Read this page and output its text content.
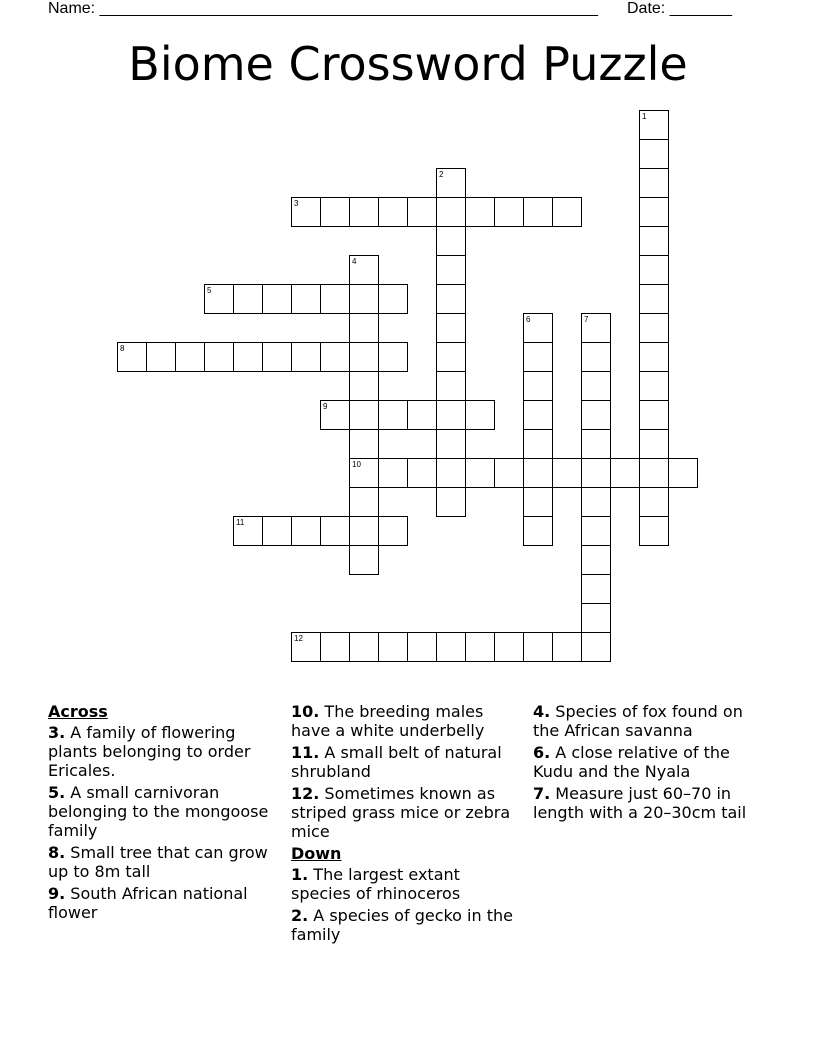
Name: ________________________________________________________ Date: _______
Biome Crossword Puzzle
1
2
3
4
10
5
6	7
8
9
11
12
Across
3. A family of flowering plants belonging to order Ericales.
5. A small carnivoran belonging to the mongoose family
8. Small tree that can grow up to 8m tall
9. South African national flower
10. The breeding males have a white underbelly
11. A small belt of natural shrubland
12. Sometimes known as striped grass mice or zebra mice
Down
1. The largest extant species of rhinoceros
2. A species of gecko in the family
4. Species of fox found on the African savanna
6. A close relative of the Kudu and the Nyala
7. Measure just 60–70 in length with a 20–30cm tail
